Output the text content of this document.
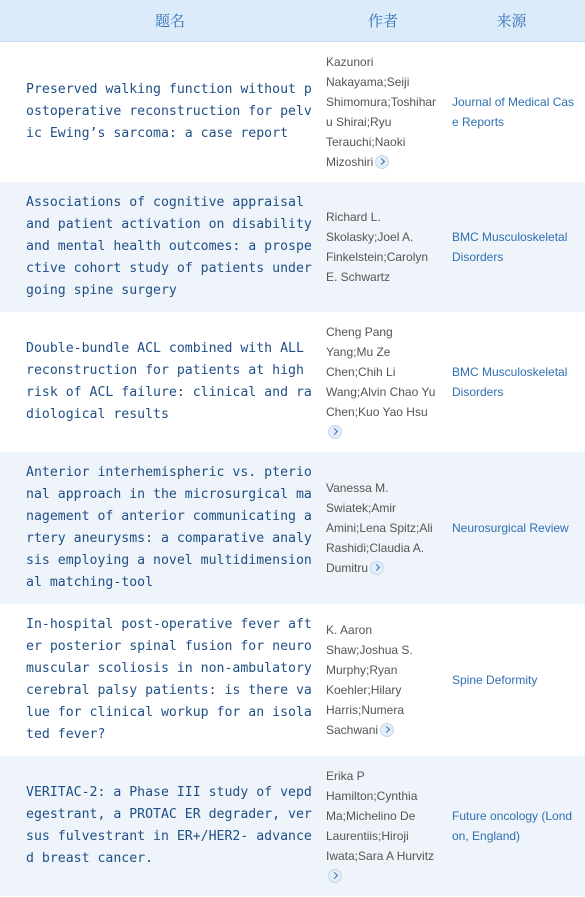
题名	作者	来源
Preserved walking function without postoperative reconstruction for pelvic Ewing’s sarcoma: a case report
Kazunori Nakayama;Seiji Shimomura;Toshiharu Shirai;Ryu Terauchi;Naoki Mizoshiri
Journal of Medical Case Reports
Associations of cognitive appraisal and patient activation on disability and mental health outcomes: a prospective cohort study of patients undergoing spine surgery
Richard L. Skolasky;Joel A. Finkelstein;Carolyn E. Schwartz
BMC Musculoskeletal Disorders
Double-bundle ACL combined with ALL reconstruction for patients at high risk of ACL failure: clinical and radiological results
Cheng Pang Yang;Mu Ze Chen;Chih Li Wang;Alvin Chao Yu Chen;Kuo Yao Hsu

BMC Musculoskeletal Disorders
Anterior interhemispheric vs. pterional approach in the microsurgical management of anterior communicating artery aneurysms: a comparative analysis employing a novel multidimensional matching-tool
Vanessa M. Swiatek;Amir Amini;Lena Spitz;Ali Rashidi;Claudia A. Dumitru
Neurosurgical Review
In-hospital post-operative fever after posterior spinal fusion for neuromuscular scoliosis in non-ambulatory cerebral palsy patients: is there value for clinical workup for an isolated fever?
K. Aaron Shaw;Joshua S. Murphy;Ryan Koehler;Hilary Harris;Numera Sachwani
Spine Deformity
VERITAC-2: a Phase III study of vepdegestrant, a PROTAC ER degrader, versus fulvestrant in ER+/HER2- advanced breast cancer.
Erika P Hamilton;Cynthia Ma;Michelino De Laurentiis;Hiroji Iwata;Sara A Hurvitz

Future oncology (London, England)
